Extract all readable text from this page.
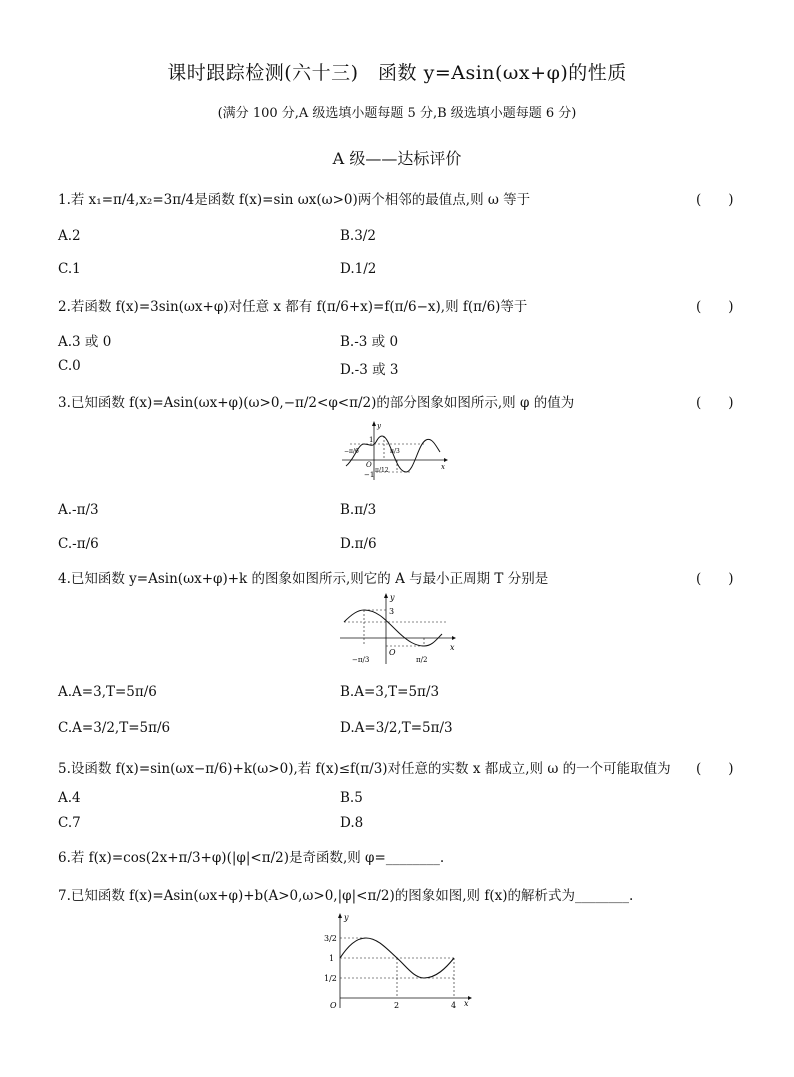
课时跟踪检测(六十三)　函数 y=Asin(ωx+φ)的性质
(满分 100 分,A 级选填小题每题 5 分,B 级选填小题每题 6 分)
A 级——达标评价
1.若 x₁=π/4,x₂=3π/4是函数 f(x)=sin ωx(ω>0)两个相邻的最值点,则 ω 等于	(　　)
A.2	B.3/2
C.1	D.1/2
2.若函数 f(x)=3sin(ωx+φ)对任意 x 都有 f(π/6+x)=f(π/6−x),则 f(π/6)等于	(　　)
A.3 或 0	B.-3 或 0
C.0	D.-3 或 3
3.已知函数 f(x)=Asin(ωx+φ)(ω>0,−π/2<φ<π/2)的部分图象如图所示,则 φ 的值为	(　　)
y
x
O
1
−1
−π/6	π/3
π/12
A.-π/3	B.π/3
C.-π/6	D.π/6
4.已知函数 y=Asin(ωx+φ)+k 的图象如图所示,则它的 A 与最小正周期 T 分别是	(　　)
y
x
O
3
−π/3	π/2
A.A=3,T=5π/6	B.A=3,T=5π/3
C.A=3/2,T=5π/6	D.A=3/2,T=5π/3
5.设函数 f(x)=sin(ωx−π/6)+k(ω>0),若 f(x)≤f(π/3)对任意的实数 x 都成立,则 ω 的一个可能取值为 (　　)
A.4	B.5
C.7	D.8
6.若 f(x)=cos(2x+π/3+φ)(|φ|<π/2)是奇函数,则 φ=________.
7.已知函数 f(x)=Asin(ωx+φ)+b(A>0,ω>0,|φ|<π/2)的图象如图,则 f(x)的解析式为________.
y
x
O
3/2
1
1/2
2	4
